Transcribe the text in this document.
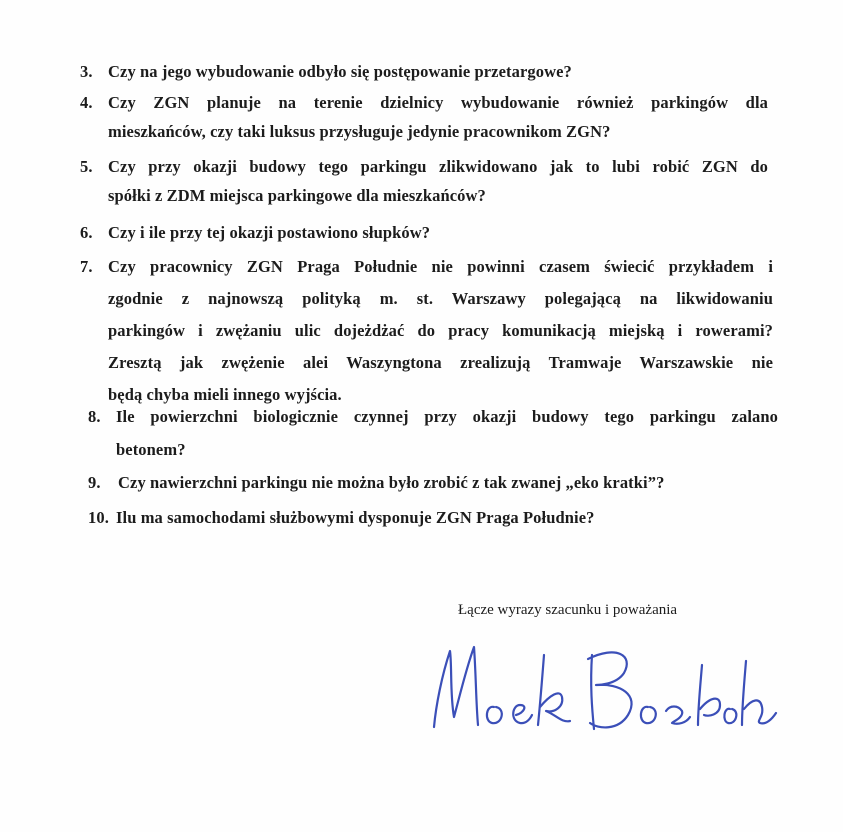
3. Czy na jego wybudowanie odbyło się postępowanie przetargowe?
4. Czy ZGN planuje na terenie dzielnicy wybudowanie również parkingów dla
mieszkańców, czy taki luksus przysługuje jedynie pracownikom ZGN?
5. Czy przy okazji budowy tego parkingu zlikwidowano jak to lubi robić ZGN do
spółki z ZDM miejsca parkingowe dla mieszkańców?
6. Czy i ile przy tej okazji postawiono słupków?
7. Czy pracownicy ZGN Praga Południe nie powinni czasem świecić przykładem i
zgodnie z najnowszą polityką m. st. Warszawy polegającą na likwidowaniu
parkingów i zwężaniu ulic dojeżdżać do pracy komunikacją miejską i rowerami?
Zresztą jak zwężenie alei Waszyngtona zrealizują Tramwaje Warszawskie nie
będą chyba mieli innego wyjścia.
8. Ile powierzchni biologicznie czynnej przy okazji budowy tego parkingu zalano
betonem?
9. Czy nawierzchni parkingu nie można było zrobić z tak zwanej „eko kratki”?
10. Ilu ma samochodami służbowymi dysponuje ZGN Praga Południe?
Łącze wyrazy szacunku i poważania
